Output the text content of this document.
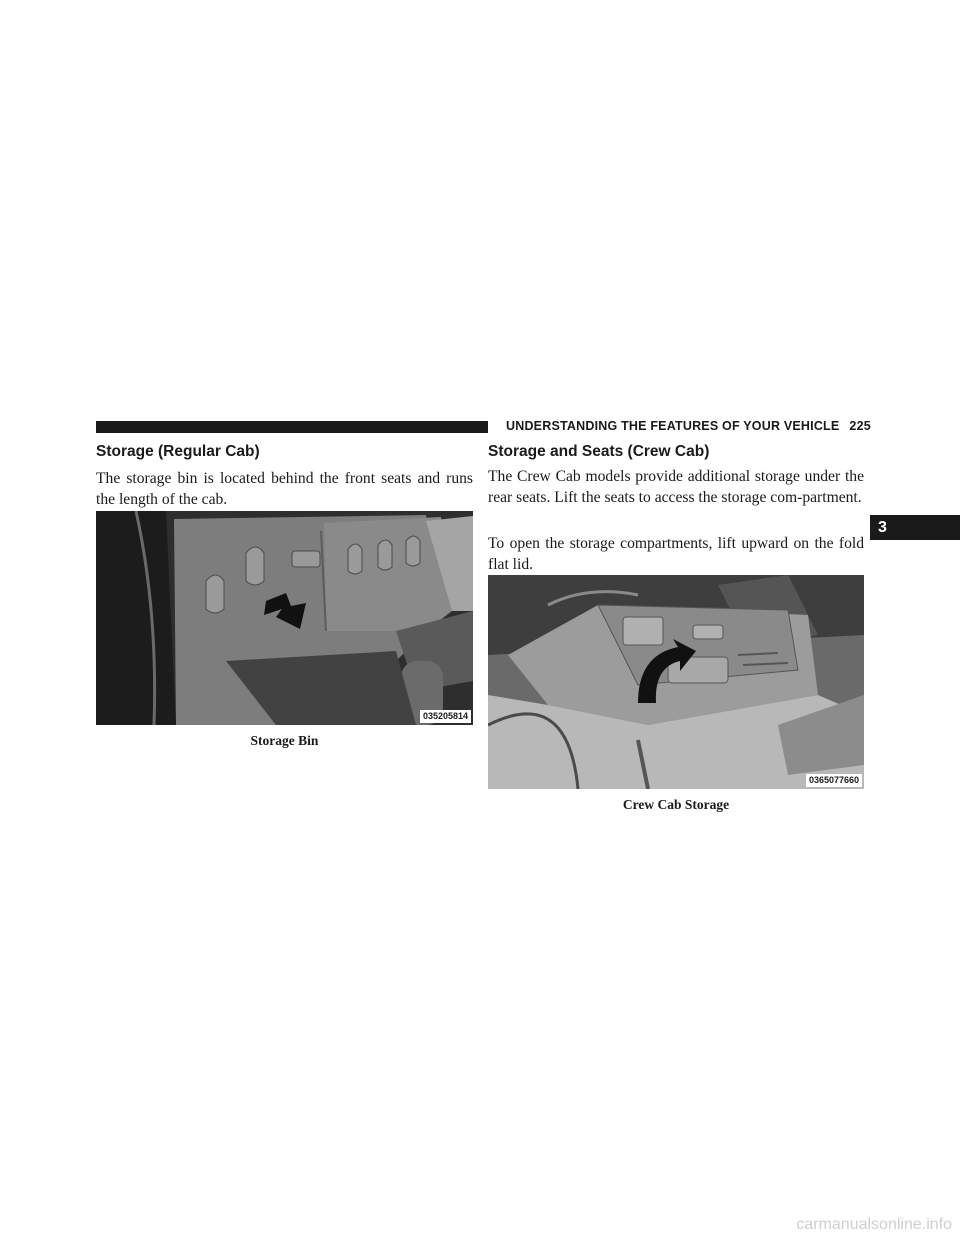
UNDERSTANDING THE FEATURES OF YOUR VEHICLE 225
Storage (Regular Cab)
The storage bin is located behind the front seats and runs the length of the cab.
035205814
Storage Bin
Storage and Seats (Crew Cab)
The Crew Cab models provide additional storage under the rear seats. Lift the seats to access the storage com-partment.
To open the storage compartments, lift upward on the fold flat lid.
0365077660
Crew Cab Storage
3
carmanualsonline.info
